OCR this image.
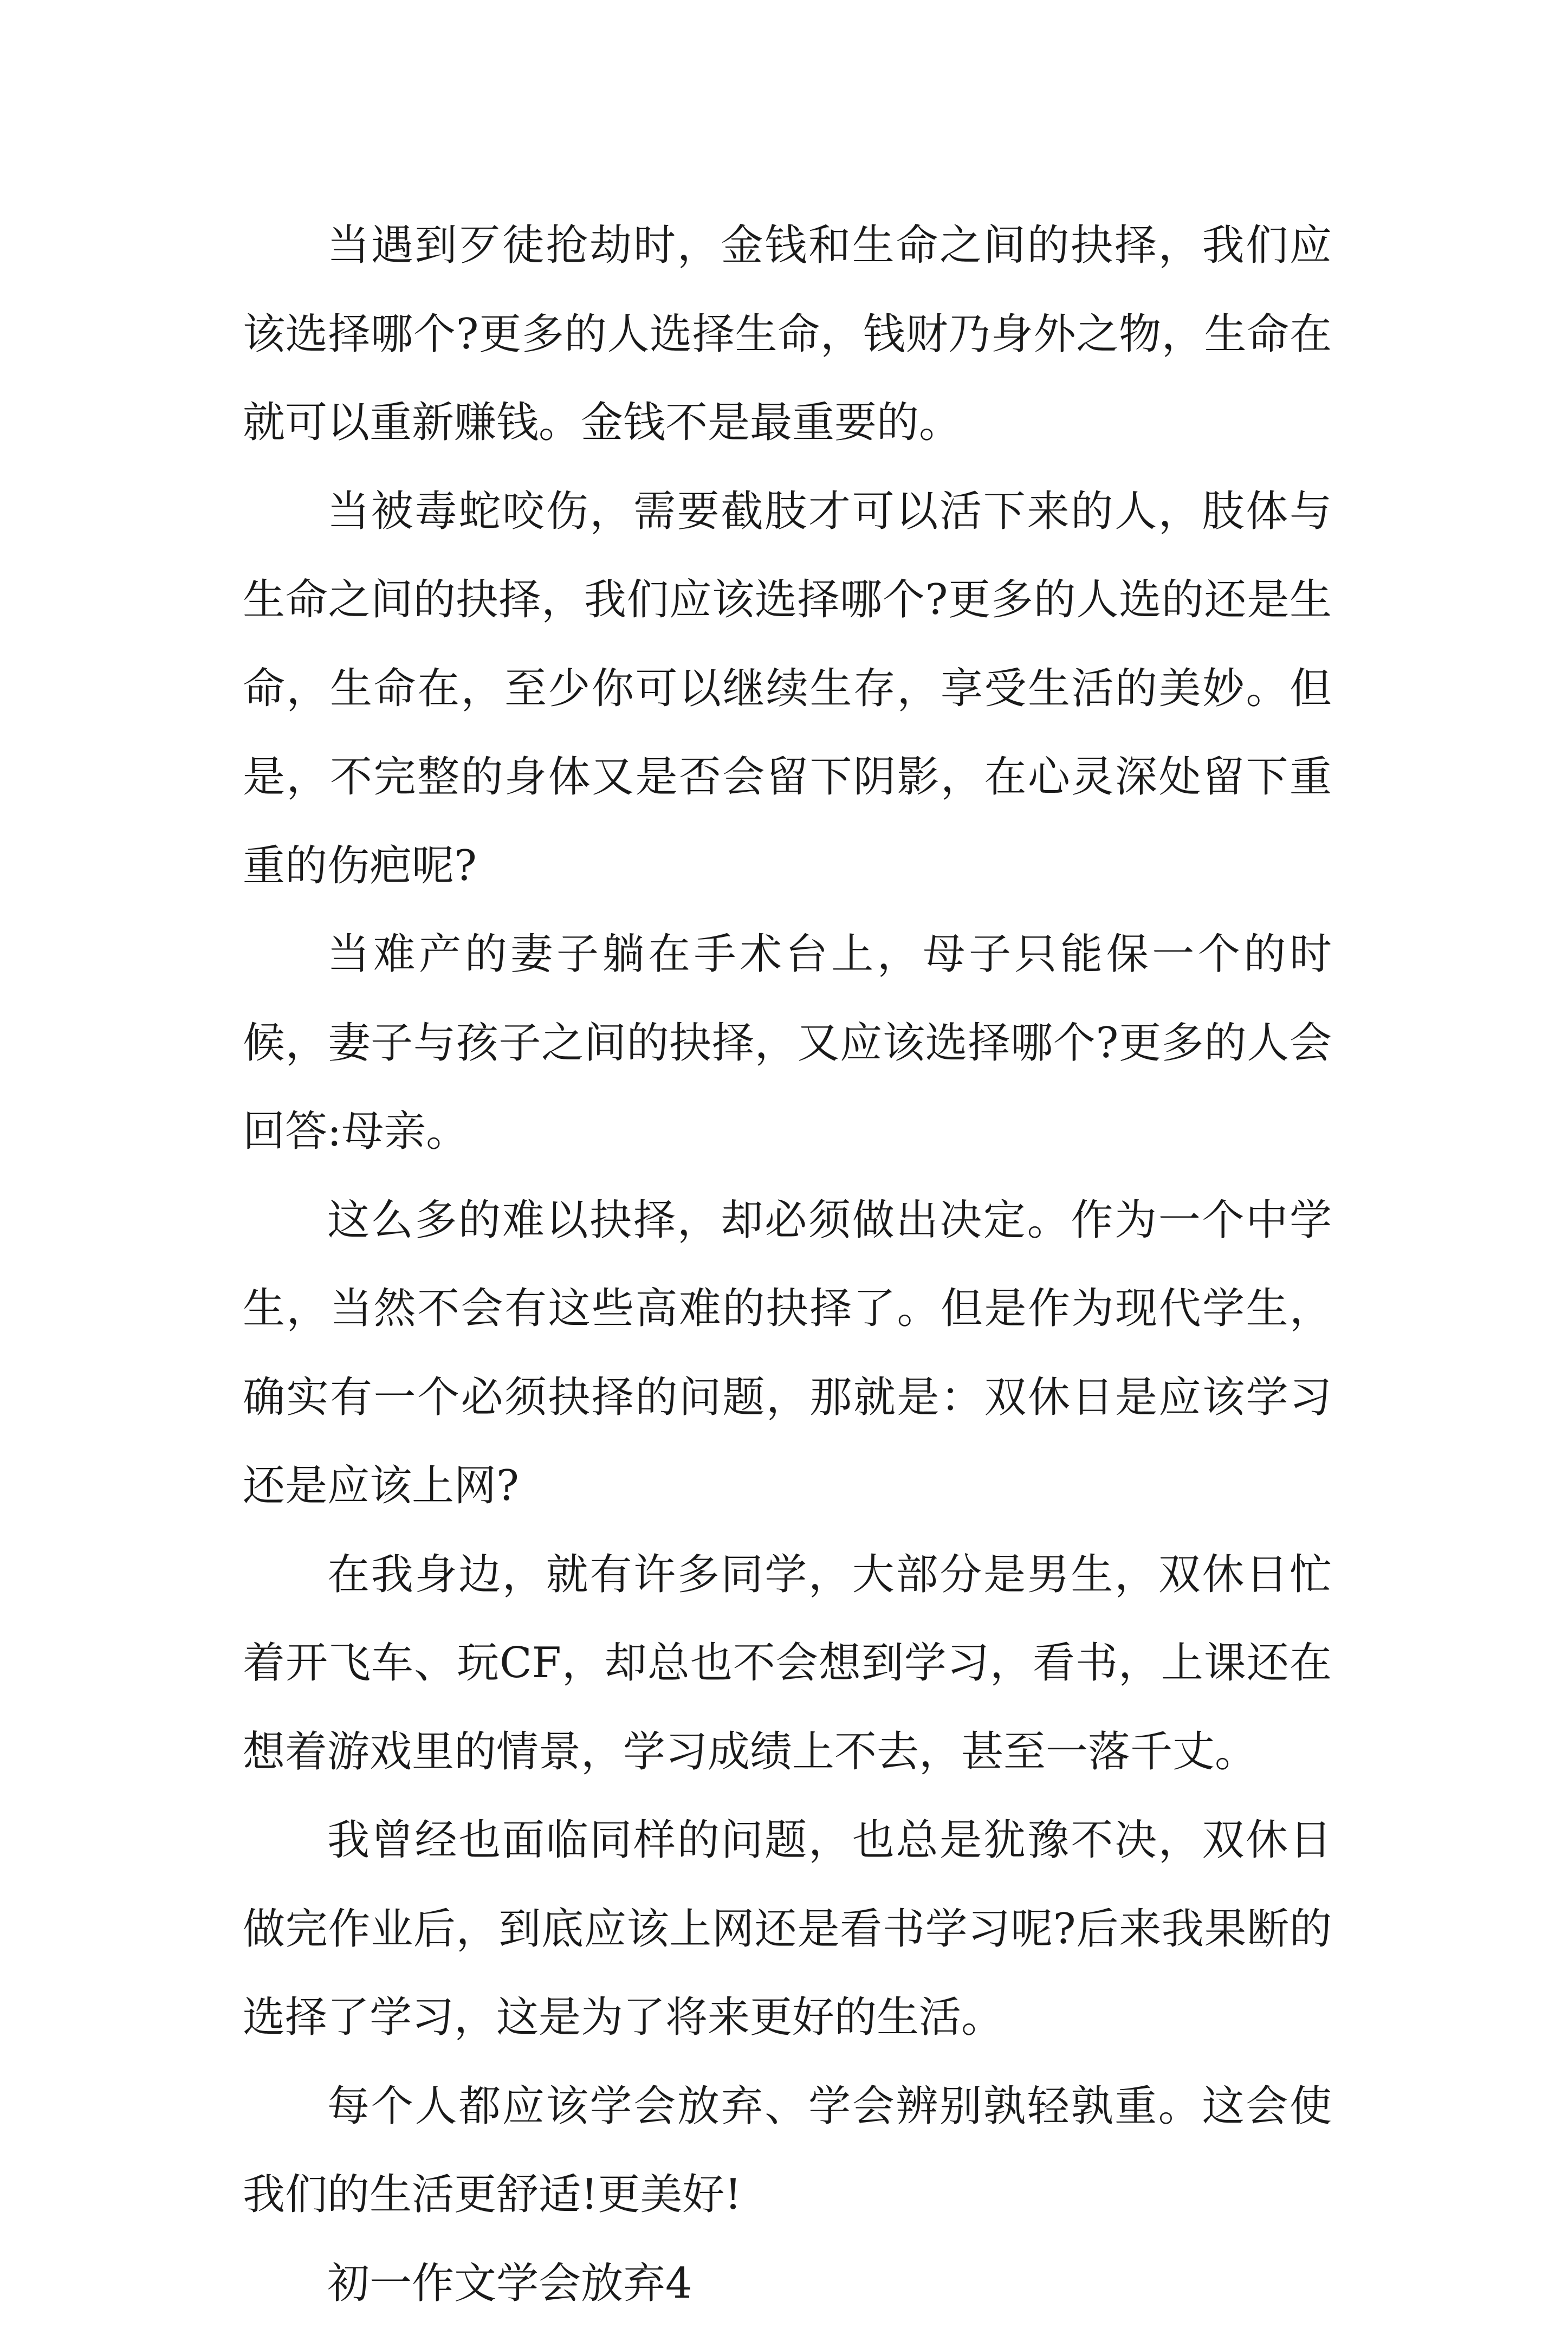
当遇到歹徒抢劫时，金钱和生命之间的抉择，我们应该选择哪个?更多的人选择生命，钱财乃身外之物，生命在就可以重新赚钱。金钱不是最重要的。

当被毒蛇咬伤，需要截肢才可以活下来的人，肢体与生命之间的抉择，我们应该选择哪个?更多的人选的还是生命，生命在，至少你可以继续生存，享受生活的美妙。但是，不完整的身体又是否会留下阴影，在心灵深处留下重重的伤疤呢?

当难产的妻子躺在手术台上，母子只能保一个的时候，妻子与孩子之间的抉择，又应该选择哪个?更多的人会回答:母亲。

这么多的难以抉择，却必须做出决定。作为一个中学生，当然不会有这些高难的抉择了。但是作为现代学生，确实有一个必须抉择的问题，那就是：双休日是应该学习还是应该上网?

在我身边，就有许多同学，大部分是男生，双休日忙着开飞车、玩CF，却总也不会想到学习，看书，上课还在想着游戏里的情景，学习成绩上不去，甚至一落千丈。

我曾经也面临同样的问题，也总是犹豫不决，双休日做完作业后，到底应该上网还是看书学习呢?后来我果断的选择了学习，这是为了将来更好的生活。

每个人都应该学会放弃、学会辨别孰轻孰重。这会使我们的生活更舒适!更美好!

初一作文学会放弃4
